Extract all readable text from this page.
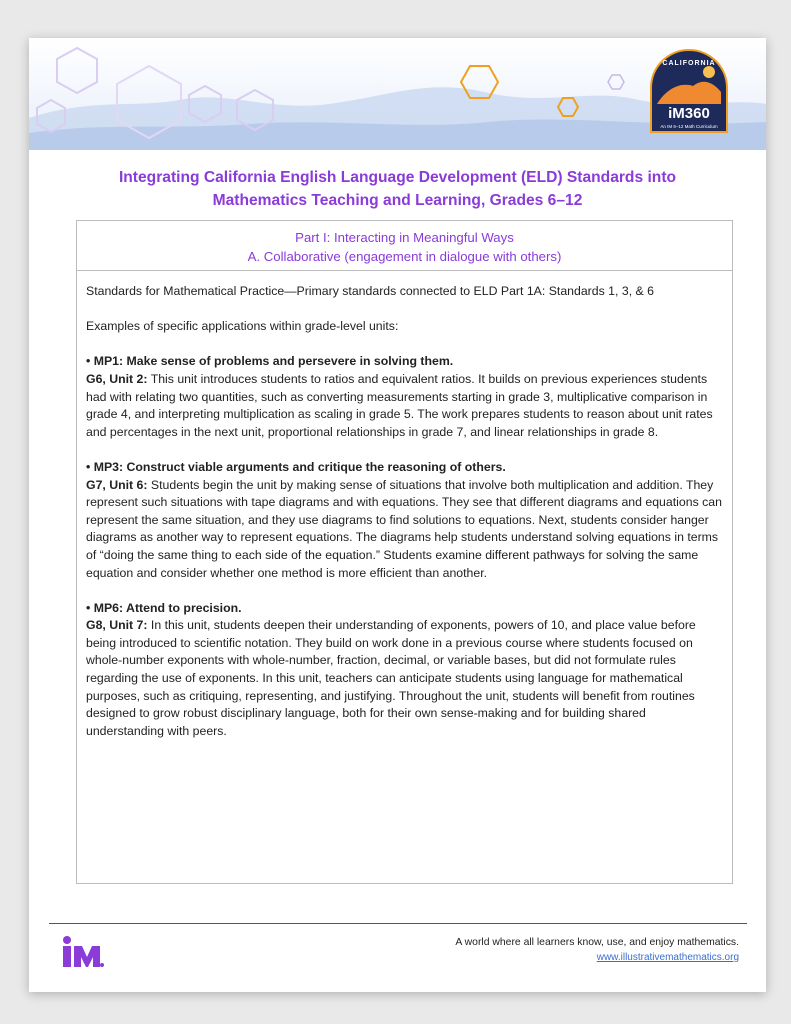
iM360
An IM 6–12 Math Curriculum
CALIFORNIA
Integrating California English Language Development (ELD) Standards into
Mathematics Teaching and Learning, Grades 6–12
Part I: Interacting in Meaningful Ways
A. Collaborative (engagement in dialogue with others)

Standards for Mathematical Practice—Primary standards connected to ELD Part 1A: Standards 1, 3, & 6

Examples of specific applications within grade-level units:

• MP1: Make sense of problems and persevere in solving them.
G6, Unit 2: This unit introduces students to ratios and equivalent ratios. It builds on previous experiences students had with relating two quantities, such as converting measurements starting in grade 3, multiplicative comparison in grade 4, and interpreting multiplication as scaling in grade 5. The work prepares students to reason about unit rates and percentages in the next unit, proportional relationships in grade 7, and linear relationships in grade 8.
• MP3: Construct viable arguments and critique the reasoning of others.
G7, Unit 6: Students begin the unit by making sense of situations that involve both multiplication and addition. They represent such situations with tape diagrams and with equations. They see that different diagrams and equations can represent the same situation, and they use diagrams to find solutions to equations. Next, students consider hanger diagrams as another way to represent equations. The diagrams help students understand solving equations in terms of “doing the same thing to each side of the equation.” Students examine different pathways for solving the same equation and consider whether one method is more efficient than another.
• MP6: Attend to precision.
G8, Unit 7: In this unit, students deepen their understanding of exponents, powers of 10, and place value before being introduced to scientific notation. They build on work done in a previous course where students focused on whole-number exponents with whole-number, fraction, decimal, or variable bases, but did not formulate rules regarding the use of exponents. In this unit, teachers can anticipate students using language for mathematical purposes, such as critiquing, representing, and justifying. Throughout the unit, students will benefit from routines designed to grow robust disciplinary language, both for their own sense-making and for building shared understanding with peers.
iM
A world where all learners know, use, and enjoy mathematics.
www.illustrativemathematics.org
